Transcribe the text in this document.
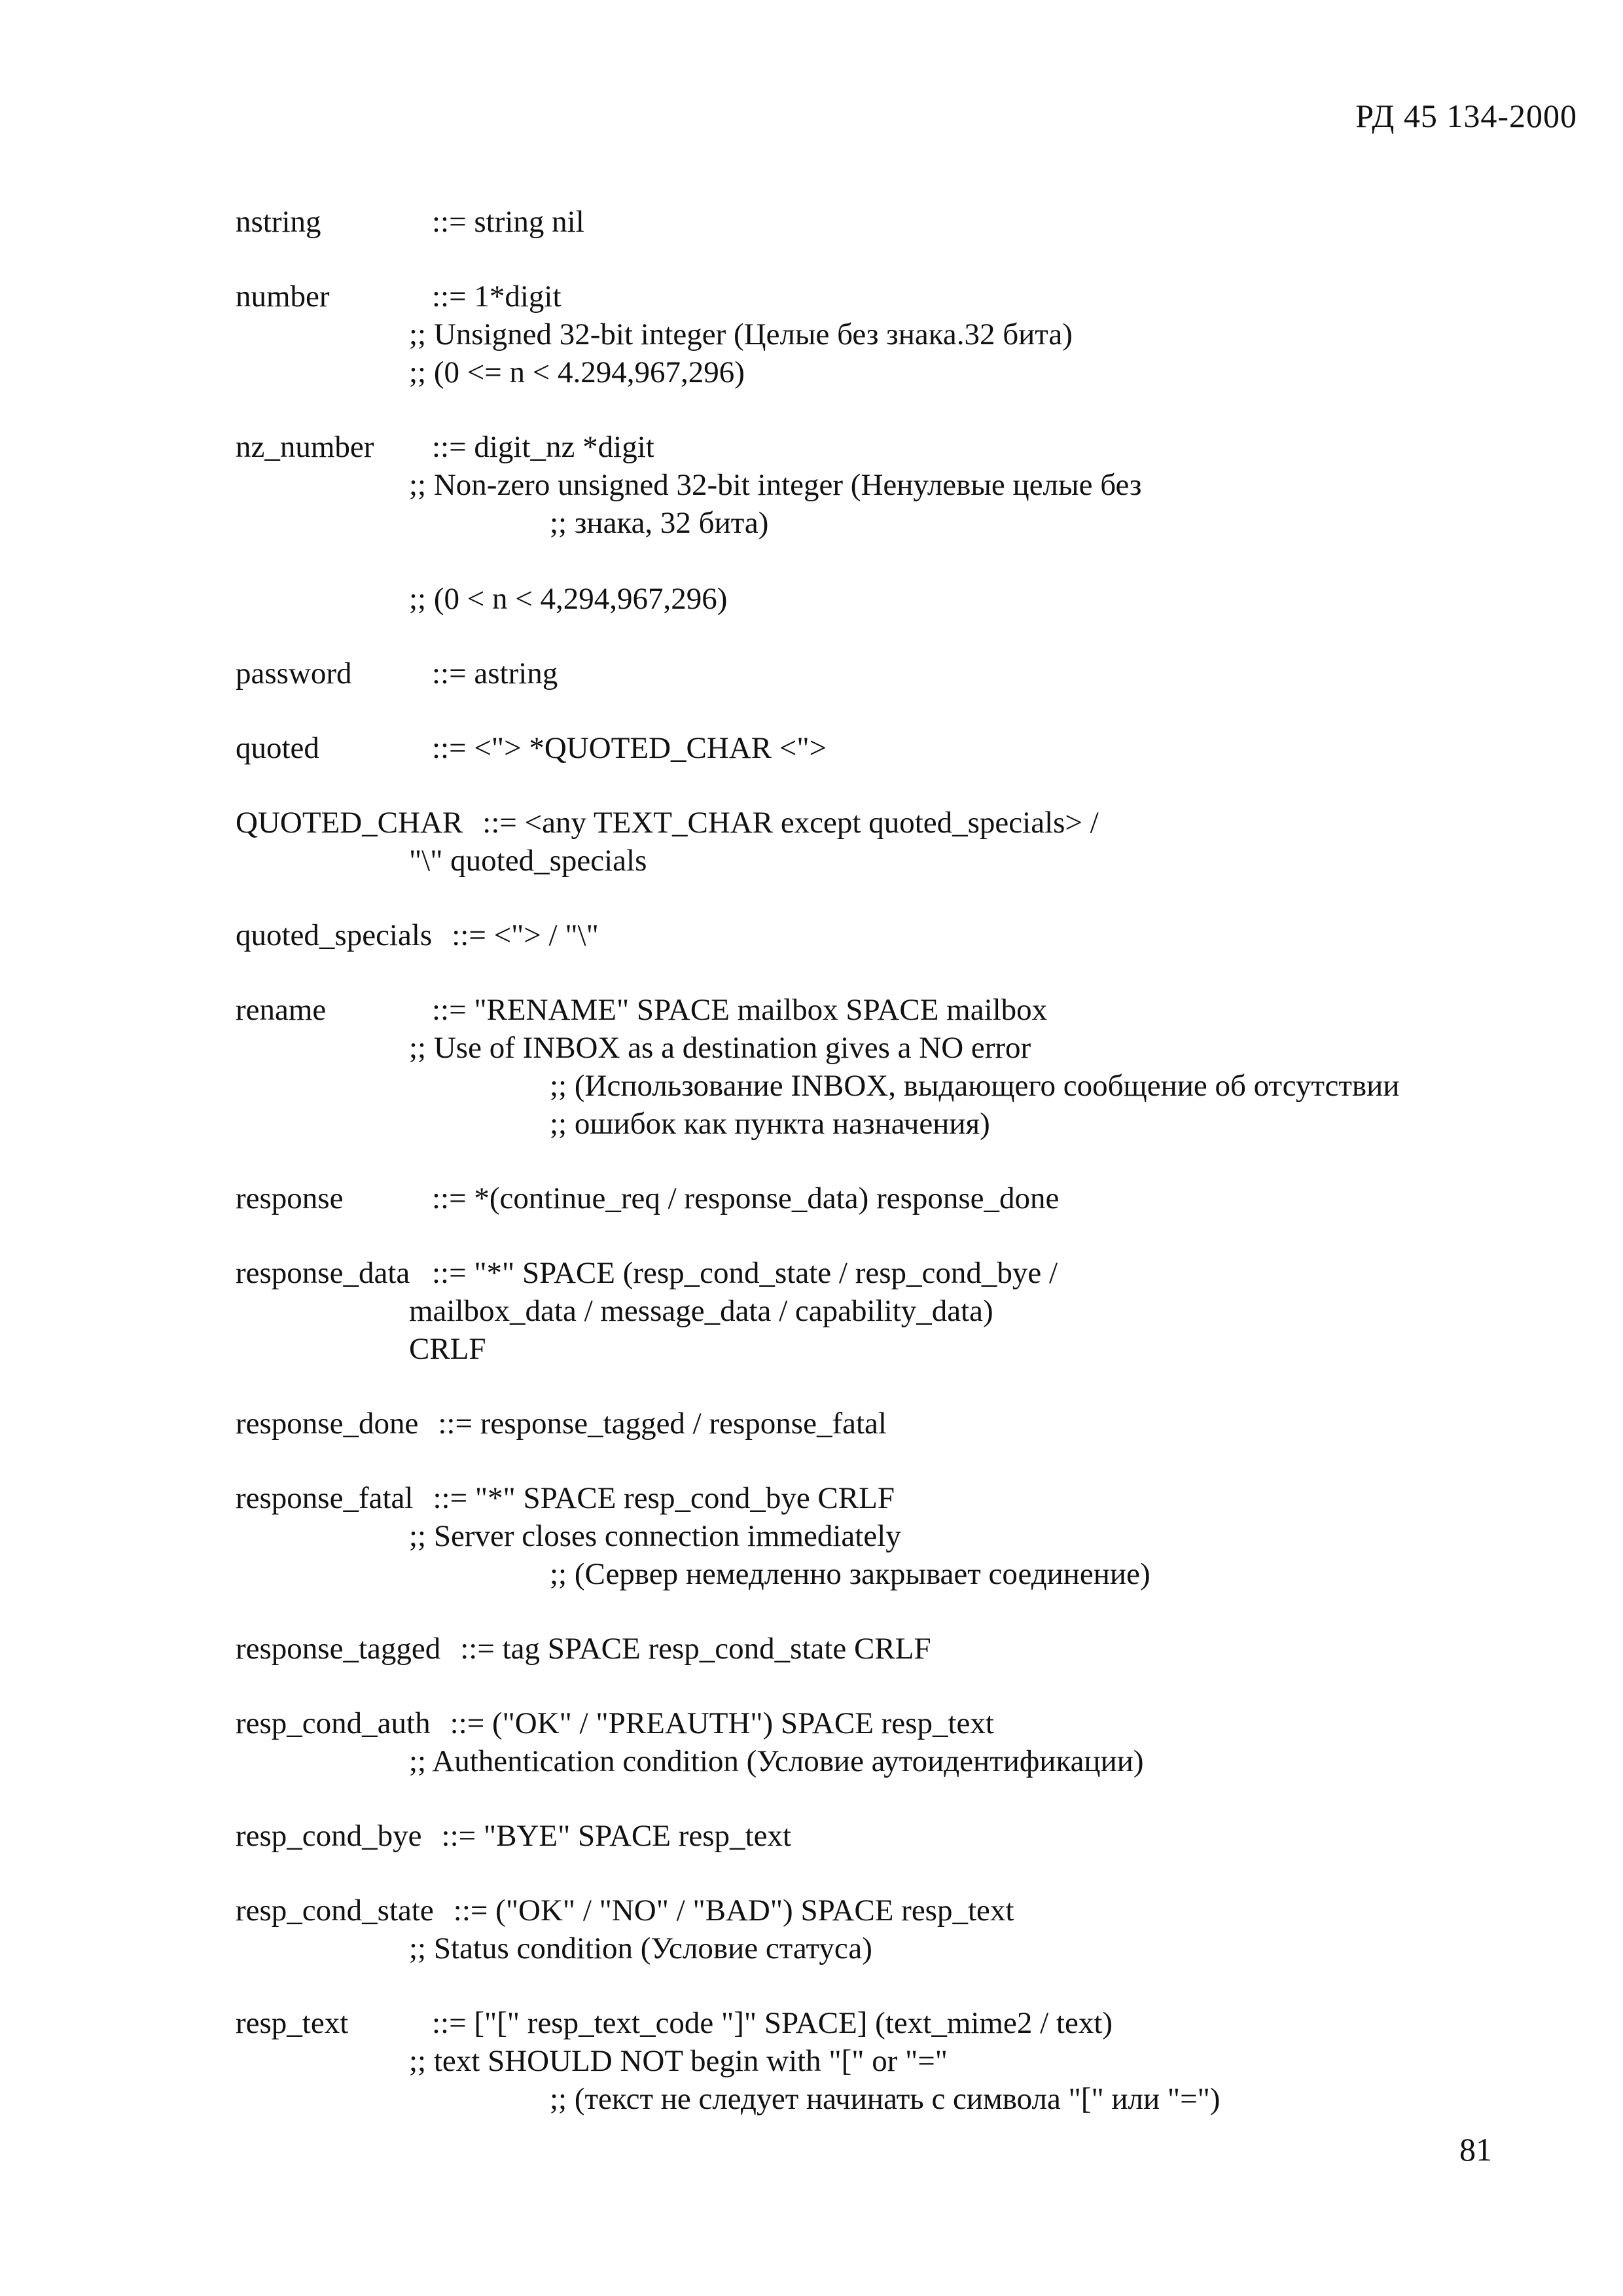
РД 45 134-2000
nstring	::= string nil
number	::= 1*digit
;; Unsigned 32-bit integer (Целые без знака.32 бита)
;; (0 <= n < 4.294,967,296)
nz_number ::= digit_nz *digit
;; Non-zero unsigned 32-bit integer (Ненулевые целые без
;; знака, 32 бита)

;; (0 < n < 4,294,967,296)
password	::= astring
quoted	::= <"> *QUOTED_CHAR <">
QUOTED_CHAR ::= <any TEXT_CHAR except quoted_specials> /
"\" quoted_specials
quoted_specials ::= <"> / "\"
rename	::= "RENAME" SPACE mailbox SPACE mailbox
;; Use of INBOX as a destination gives a NO error
;; (Использование INBOX, выдающего сообщение об отсутствии
;; ошибок как пункта назначения)
response	::= *(continue_req / response_data) response_done
response_data ::= "*" SPACE (resp_cond_state / resp_cond_bye /
mailbox_data / message_data / capability_data)
CRLF
response_done ::= response_tagged / response_fatal
response_fatal ::= "*" SPACE resp_cond_bye CRLF
;; Server closes connection immediately
;; (Сервер немедленно закрывает соединение)
response_tagged ::= tag SPACE resp_cond_state CRLF
resp_cond_auth ::= ("OK" / "PREAUTH") SPACE resp_text
;; Authentication condition (Условие аутоидентификации)
resp_cond_bye ::= "BYE" SPACE resp_text
resp_cond_state ::= ("OK" / "NO" / "BAD") SPACE resp_text
;; Status condition (Условие статуса)
resp_text	::= ["[" resp_text_code "]" SPACE] (text_mime2 / text)
;; text SHOULD NOT begin with "[" or "="
;; (текст не следует начинать с символа "[" или "=")
81
